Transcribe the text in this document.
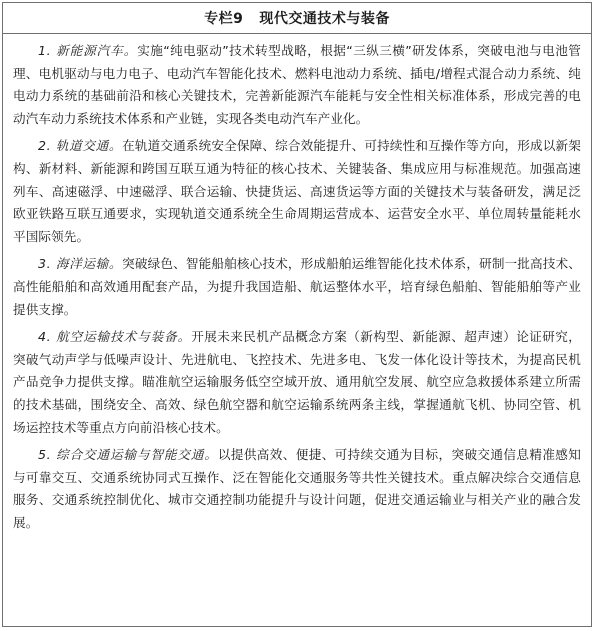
专栏9 现代交通技术与装备

1. 新能源汽车。实施“纯电驱动”技术转型战略，根据“三纵三横”研发体系，突破电池与电池管理、电机驱动与电力电子、电动汽车智能化技术、燃料电池动力系统、插电/增程式混合动力系统、纯电动力系统的基础前沿和核心关键技术，完善新能源汽车能耗与安全性相关标准体系，形成完善的电动汽车动力系统技术体系和产业链，实现各类电动汽车产业化。

2. 轨道交通。在轨道交通系统安全保障、综合效能提升、可持续性和互操作等方向，形成以新架构、新材料、新能源和跨国互联互通为特征的核心技术、关键装备、集成应用与标准规范。加强高速列车、高速磁浮、中速磁浮、联合运输、快捷货运、高速货运等方面的关键技术与装备研发，满足泛欧亚铁路互联互通要求，实现轨道交通系统全生命周期运营成本、运营安全水平、单位周转量能耗水平国际领先。

3. 海洋运输。突破绿色、智能船舶核心技术，形成船舶运维智能化技术体系，研制一批高技术、高性能船舶和高效通用配套产品，为提升我国造船、航运整体水平，培育绿色船舶、智能船舶等产业提供支撑。

4. 航空运输技术与装备。开展未来民机产品概念方案（新构型、新能源、超声速）论证研究，突破气动声学与低噪声设计、先进航电、飞控技术、先进多电、飞发一体化设计等技术，为提高民机产品竞争力提供支撑。瞄准航空运输服务低空空域开放、通用航空发展、航空应急救援体系建立所需的技术基础，围绕安全、高效、绿色航空器和航空运输系统两条主线，掌握通航飞机、协同空管、机场运控技术等重点方向前沿核心技术。

5. 综合交通运输与智能交通。以提供高效、便捷、可持续交通为目标，突破交通信息精准感知与可靠交互、交通系统协同式互操作、泛在智能化交通服务等共性关键技术。重点解决综合交通信息服务、交通系统控制优化、城市交通控制功能提升与设计问题，促进交通运输业与相关产业的融合发展。
